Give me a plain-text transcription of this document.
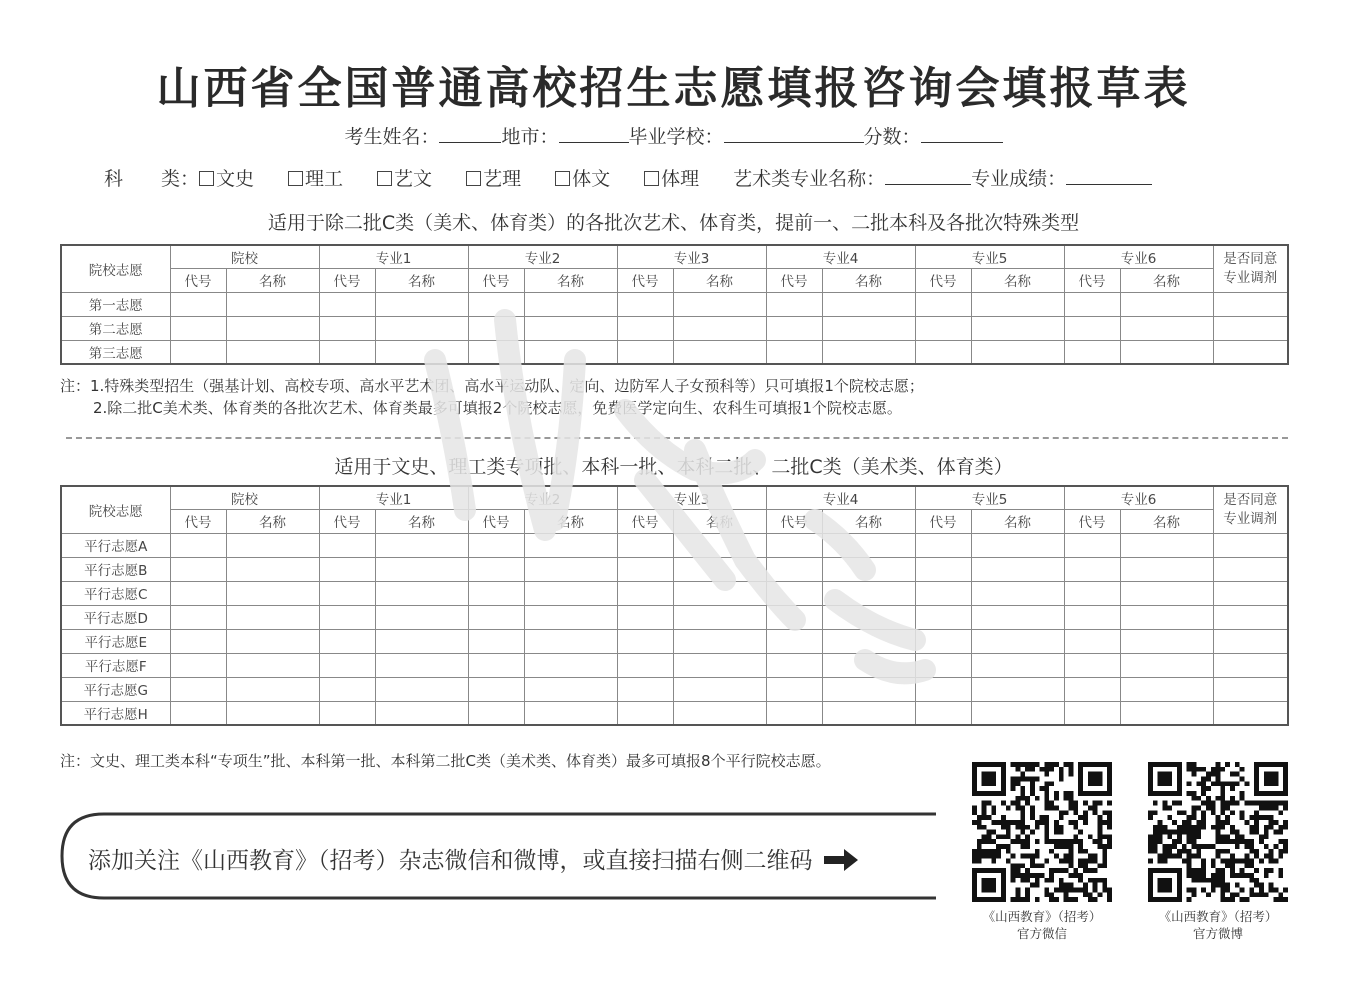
山西省全国普通高校招生志愿填报咨询会填报草表
考生姓名：	地市：	毕业学校：	分数：
科　　类： 文史	理工	艺文	艺理	体文	体理 艺术类专业名称：	专业成绩：
适用于除二批C类（美术、体育类）的各批次艺术、体育类，提前一、二批本科及各批次特殊类型
院校志愿	院校		专业1		专业2		专业3		专业4		专业5		专业6		是否同意
专业调剂

	代号	名称	代号	名称	代号	名称	代号	名称	代号	名称	代号	名称	代号	名称	
第一志愿															
第二志愿															
第三志愿															
注：1.特殊类型招生（强基计划、高校专项、高水平艺术团、高水平运动队、定向、边防军人子女预科等）只可填报1个院校志愿；
2.除二批C美术类、体育类的各批次艺术、体育类最多可填报2个院校志愿，免费医学定向生、农科生可填报1个院校志愿。
适用于文史、理工类专项批、本科一批、本科二批、二批C类（美术类、体育类）
院校志愿	院校		专业1		专业2		专业3		专业4		专业5		专业6		是否同意
专业调剂

	代号	名称	代号	名称	代号	名称	代号	名称	代号	名称	代号	名称	代号	名称	
平行志愿A															
平行志愿B															
平行志愿C															
平行志愿D															
平行志愿E															
平行志愿F															
平行志愿G															
平行志愿H															
注：文史、理工类本科“专项生”批、本科第一批、本科第二批C类（美术类、体育类）最多可填报8个平行院校志愿。
添加关注《山西教育》（招考）杂志微信和微博，或直接扫描右侧二维码
《山西教育》（招考）
官方微信
《山西教育》（招考）
官方微博
